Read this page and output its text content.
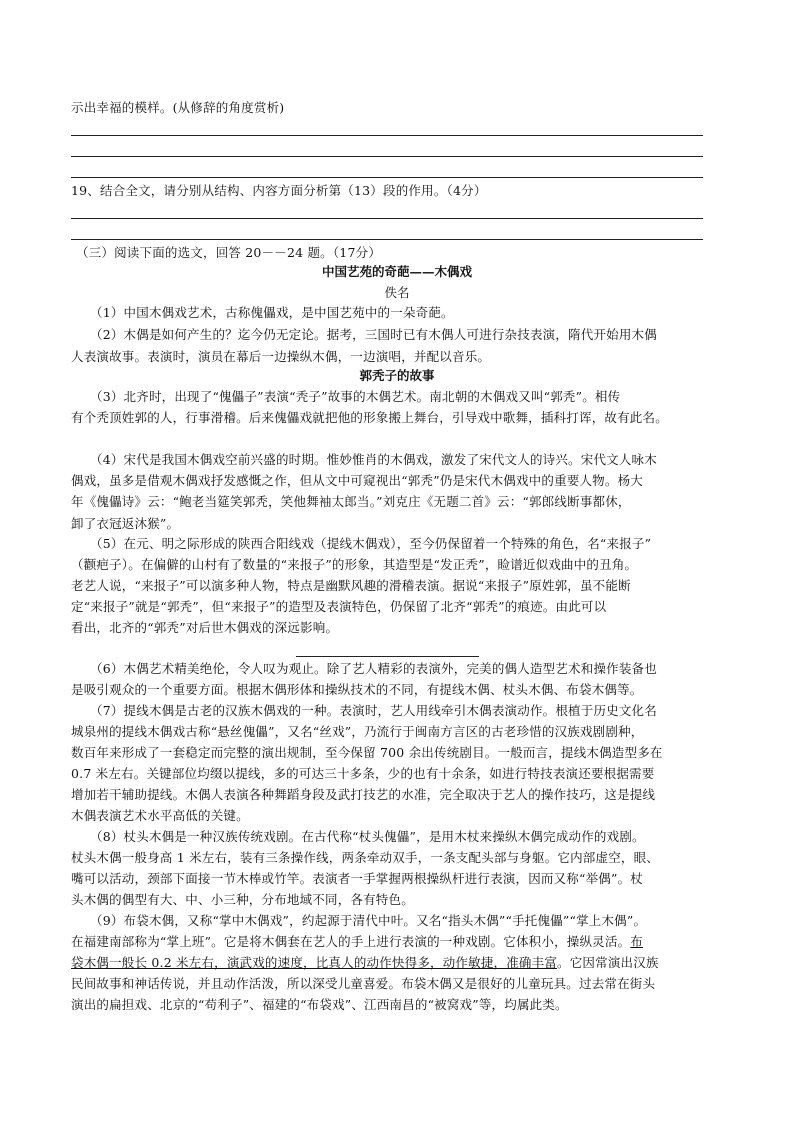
示出幸福的模样。(从修辞的角度赏析)
19、结合全文，请分别从结构、内容方面分析第（13）段的作用。（4分）
（三）阅读下面的选文，回答 20－－24 题。（17分）
中国艺苑的奇葩——木偶戏
佚名
（1）中国木偶戏艺术，古称傀儡戏，是中国艺苑中的一朵奇葩。
（2）木偶是如何产生的？迄今仍无定论。据考，三国时已有木偶人可进行杂技表演，隋代开始用木偶
人表演故事。表演时，演员在幕后一边操纵木偶，一边演唱，并配以音乐。
郭秃子的故事
（3）北齐时，出现了“傀儡子”表演“秃子”故事的木偶艺术。南北朝的木偶戏又叫“郭秃”。相传
有个秃顶姓郭的人，行事滑稽。后来傀儡戏就把他的形象搬上舞台，引导戏中歌舞，插科打诨，故有此名。
（4）宋代是我国木偶戏空前兴盛的时期。惟妙惟肖的木偶戏，激发了宋代文人的诗兴。宋代文人咏木
偶戏，虽多是借观木偶戏抒发感慨之作，但从文中可窥视出“郭秃”仍是宋代木偶戏中的重要人物。杨大
年《傀儡诗》云：“鲍老当筵笑郭秃，笑他舞袖太郎当。”刘克庄《无题二首》云：“郭郎线断事都休，
卸了衣冠返沐猴”。
（5）在元、明之际形成的陕西合阳线戏（提线木偶戏），至今仍保留着一个特殊的角色，名“来报子”
（颧疤子）。在偏僻的山村有了数量的“来报子”的形象，其造型是“发正秃”，睑谱近似戏曲中的丑角。
老艺人说，“来报子”可以演多种人物，特点是幽默风趣的滑稽表演。据说“来报子”原姓郭，虽不能断
定“来报子”就是“郭秃”，但“来报子”的造型及表演特色，仍保留了北齐“郭秃”的痕迹。由此可以
看出，北齐的“郭秃”对后世木偶戏的深远影响。
（6）木偶艺术精美绝伦，令人叹为观止。除了艺人精彩的表演外，完美的偶人造型艺术和操作装备也
是吸引观众的一个重要方面。根据木偶形体和操纵技术的不同，有提线木偶、杖头木偶、布袋木偶等。
（7）提线木偶是古老的汉族木偶戏的一种。表演时，艺人用线牵引木偶表演动作。根植于历史文化名
城泉州的提线木偶戏古称“悬丝傀儡”，又名“丝戏”，乃流行于闽南方言区的古老珍惜的汉族戏剧剧种，
数百年来形成了一套稳定而完整的演出规制，至今保留 700 余出传统剧目。一般而言，提线木偶造型多在
0.7 米左右。关键部位均缀以提线，多的可达三十多条，少的也有十余条，如进行特技表演还要根据需要
增加若干辅助提线。木偶人表演各种舞蹈身段及武打技艺的水准，完全取决于艺人的操作技巧，这是提线
木偶表演艺术水平高低的关键。
（8）杖头木偶是一种汉族传统戏剧。在古代称“杖头傀儡”，是用木杖来操纵木偶完成动作的戏剧。
杖头木偶一般身高 1 米左右，装有三条操作线，两条牵动双手，一条支配头部与身躯。它内部虚空，眼、
嘴可以活动，颈部下面接一节木棒或竹竿。表演者一手掌握两根操纵杆进行表演，因而又称“举偶”。杖
头木偶的偶型有大、中、小三种，分布地域不同，各有特色。
（9）布袋木偶，又称“掌中木偶戏”，约起源于清代中叶。又名“指头木偶”“手托傀儡”“掌上木偶”。
在福建南部称为“掌上班”。它是将木偶套在艺人的手上进行表演的一种戏剧。它体积小，操纵灵活。布
袋木偶一般长 0.2 米左右，演武戏的速度，比真人的动作快得多，动作敏捷，准确丰富。它因常演出汉族
民间故事和神话传说，并且动作活泼，所以深受儿童喜爱。布袋木偶又是很好的儿童玩具。过去常在街头
演出的扁担戏、北京的“苟利子”、福建的“布袋戏”、江西南昌的“被窝戏”等，均属此类。
